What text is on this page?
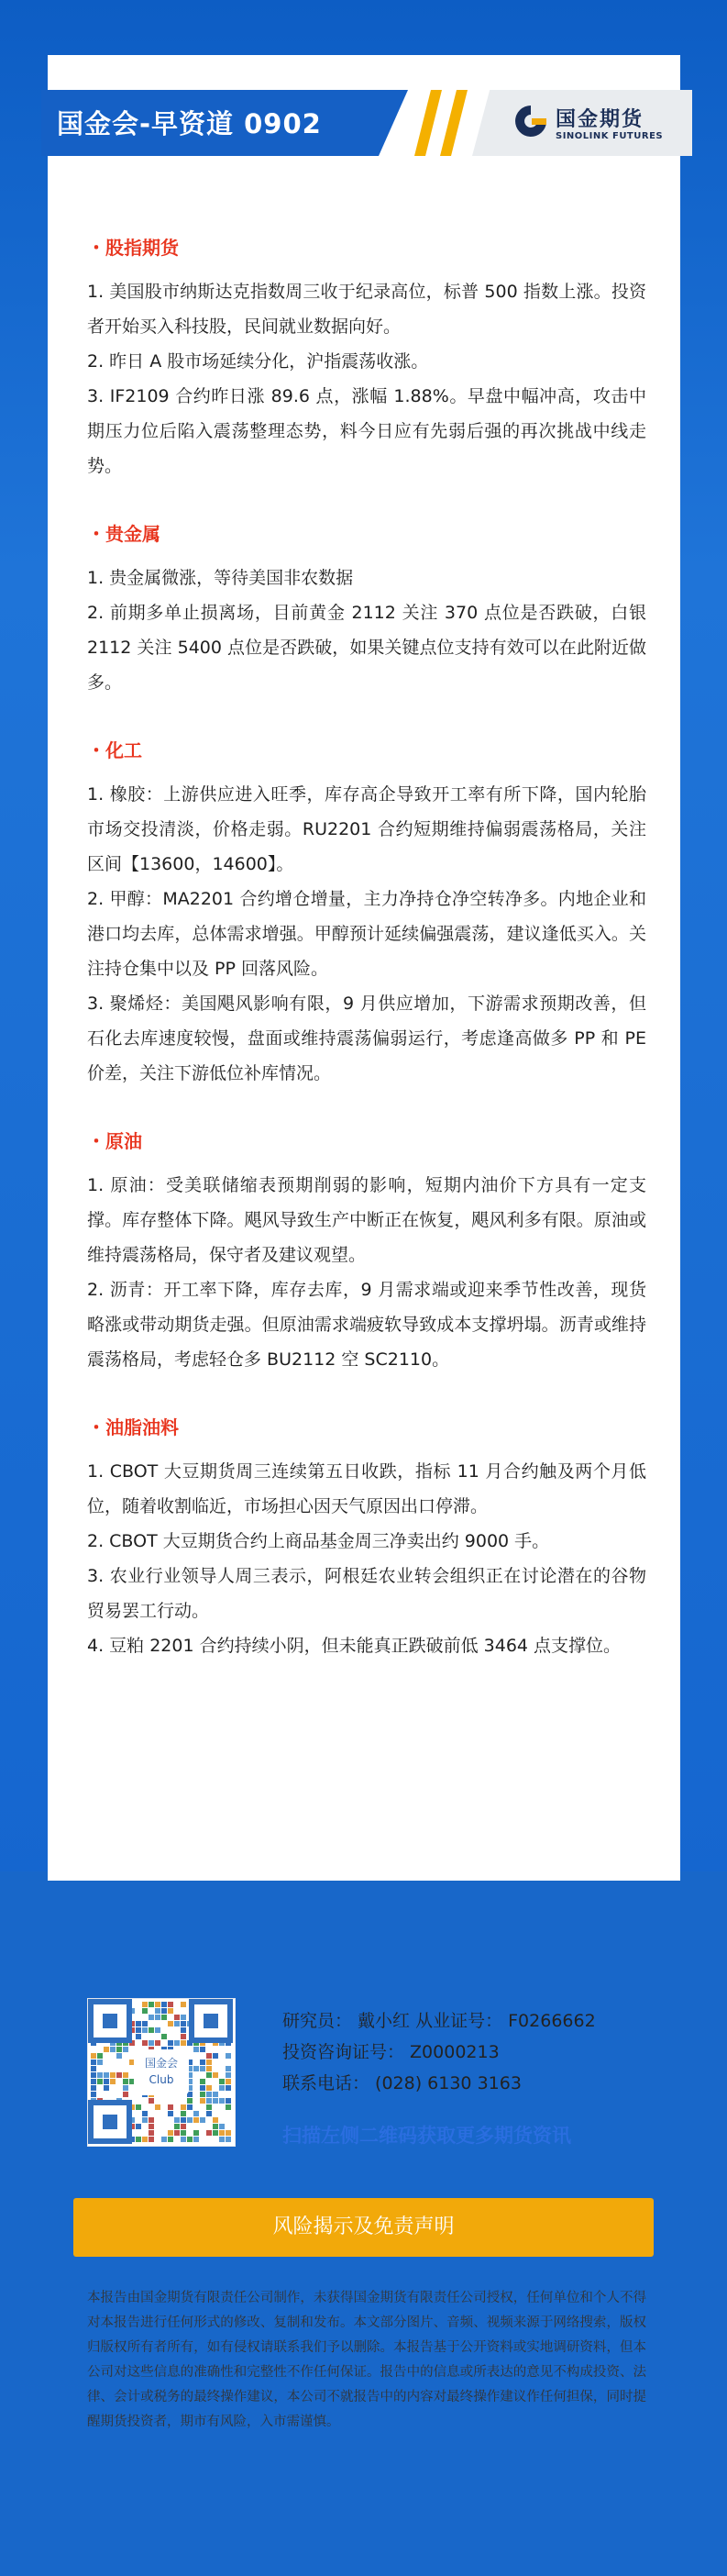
国金会-早资道 0902	国金期货
SINOLINK FUTURES
・股指期货

1. 美国股市纳斯达克指数周三收于纪录高位，标普 500 指数上涨。投资者开始买入科技股，民间就业数据向好。

2. 昨日 A 股市场延续分化，沪指震荡收涨。

3. IF2109 合约昨日涨 89.6 点，涨幅 1.88%。早盘中幅冲高，攻击中期压力位后陷入震荡整理态势，料今日应有先弱后强的再次挑战中线走势。

・贵金属

1. 贵金属微涨，等待美国非农数据

2. 前期多单止损离场，目前黄金 2112 关注 370 点位是否跌破，白银 2112 关注 5400 点位是否跌破，如果关键点位支持有效可以在此附近做多。

・化工

1. 橡胶：上游供应进入旺季，库存高企导致开工率有所下降，国内轮胎市场交投清淡，价格走弱。RU2201 合约短期维持偏弱震荡格局，关注区间【13600，14600】。

2. 甲醇：MA2201 合约增仓增量，主力净持仓净空转净多。内地企业和港口均去库，总体需求增强。甲醇预计延续偏强震荡，建议逢低买入。关注持仓集中以及 PP 回落风险。

3. 聚烯烃：美国飓风影响有限，9 月供应增加，下游需求预期改善，但石化去库速度较慢，盘面或维持震荡偏弱运行，考虑逢高做多 PP 和 PE 价差，关注下游低位补库情况。

・原油

1. 原油：受美联储缩表预期削弱的影响，短期内油价下方具有一定支撑。库存整体下降。飓风导致生产中断正在恢复，飓风利多有限。原油或维持震荡格局，保守者及建议观望。

2. 沥青：开工率下降，库存去库，9 月需求端或迎来季节性改善，现货略涨或带动期货走强。但原油需求端疲软导致成本支撑坍塌。沥青或维持震荡格局，考虑轻仓多 BU2112 空 SC2110。

・油脂油料

1. CBOT 大豆期货周三连续第五日收跌，指标 11 月合约触及两个月低位，随着收割临近，市场担心因天气原因出口停滞。

2. CBOT 大豆期货合约上商品基金周三净卖出约 9000 手。

3. 农业行业领导人周三表示，阿根廷农业转会组织正在讨论潜在的谷物贸易罢工行动。

4. 豆粕 2201 合约持续小阴，但未能真正跌破前低 3464 点支撑位。

国金会
Club
研究员： 戴小红 从业证号： F0266662
投资咨询证号： Z0000213
联系电话： (028) 6130 3163
扫描左侧二维码获取更多期货资讯
风险揭示及免责声明
本报告由国金期货有限责任公司制作，未获得国金期货有限责任公司授权，任何单位和个人不得对本报告进行任何形式的修改、复制和发布。本文部分图片、音频、视频来源于网络搜索，版权归版权所有者所有，如有侵权请联系我们予以删除。本报告基于公开资料或实地调研资料，但本公司对这些信息的准确性和完整性不作任何保证。报告中的信息或所表达的意见不构成投资、法律、会计或税务的最终操作建议，本公司不就报告中的内容对最终操作建议作任何担保，同时提醒期货投资者，期市有风险，入市需谨慎。
